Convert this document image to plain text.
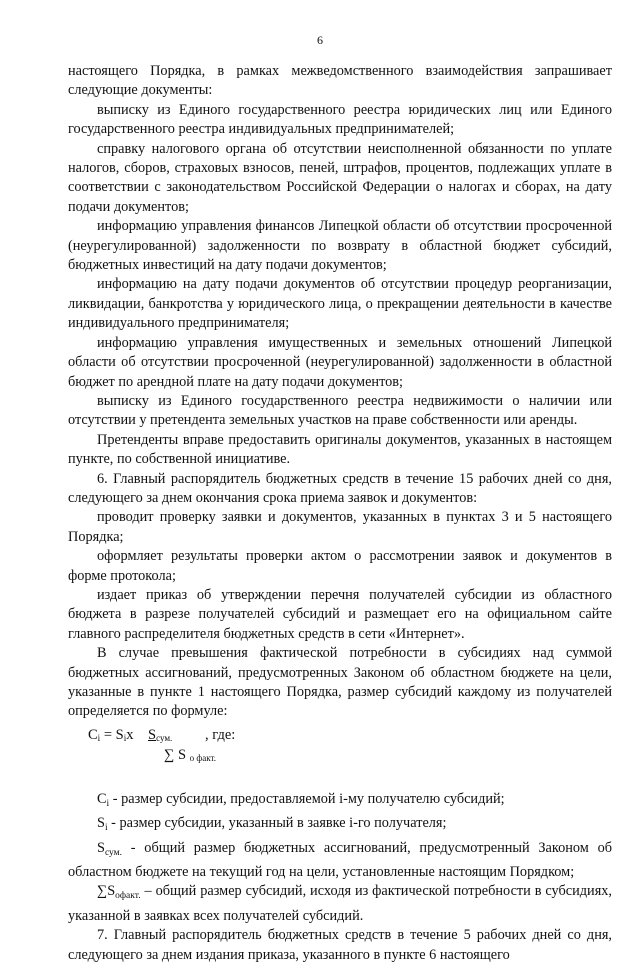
6

настоящего Порядка, в рамках межведомственного взаимодействия запрашивает следующие документы:

выписку из Единого государственного реестра юридических лиц или Единого государственного реестра индивидуальных предпринимателей;

справку налогового органа об отсутствии неисполненной обязанности по уплате налогов, сборов, страховых взносов, пеней, штрафов, процентов, подлежащих уплате в соответствии с законодательством Российской Федерации о налогах и сборах, на дату подачи документов;

информацию управления финансов Липецкой области об отсутствии просроченной (неурегулированной) задолженности по возврату в областной бюджет субсидий, бюджетных инвестиций на дату подачи документов;

информацию на дату подачи документов об отсутствии процедур реорганизации, ликвидации, банкротства у юридического лица, о прекращении деятельности в качестве индивидуального предпринимателя;

информацию управления имущественных и земельных отношений Липецкой области об отсутствии просроченной (неурегулированной) задолженности в областной бюджет по арендной плате на дату подачи документов;

выписку из Единого государственного реестра недвижимости о наличии или отсутствии у претендента земельных участков на праве собственности или аренды.

Претенденты вправе предоставить оригиналы документов, указанных в настоящем пункте, по собственной инициативе.

6. Главный распорядитель бюджетных средств в течение 15 рабочих дней со дня, следующего за днем окончания срока приема заявок и документов:

проводит проверку заявки и документов, указанных в пунктах 3 и 5 настоящего Порядка;

оформляет результаты проверки актом о рассмотрении заявок и документов в форме протокола;

издает приказ об утверждении перечня получателей субсидии из областного бюджета в разрезе получателей субсидий и размещает его на официальном сайте главного распределителя бюджетных средств в сети «Интернет».

В случае превышения фактической потребности в субсидиях над суммой бюджетных ассигнований, предусмотренных Законом об областном бюджете на цели, указанные в пункте 1 настоящего Порядка, размер субсидий каждому из получателей определяется по формуле:

$C_i = S_ix$ $S_{сум.}$ , где:
∑ S $_{о факт.}$

$C_i$ - размер субсидии, предоставляемой i-му получателю субсидий;

$S_i$ - размер субсидии, указанный в заявке i-го получателя;

$S_{сум.}$ - общий размер бюджетных ассигнований, предусмотренный Законом об областном бюджете на текущий год на цели, установленные настоящим Порядком;

$\sum S_{офакт.}$ – общий размер субсидий, исходя из фактической потребности в субсидиях, указанной в заявках всех получателей субсидий.

7. Главный распорядитель бюджетных средств в течение 5 рабочих дней со дня, следующего за днем издания приказа, указанного в пункте 6 настоящего
